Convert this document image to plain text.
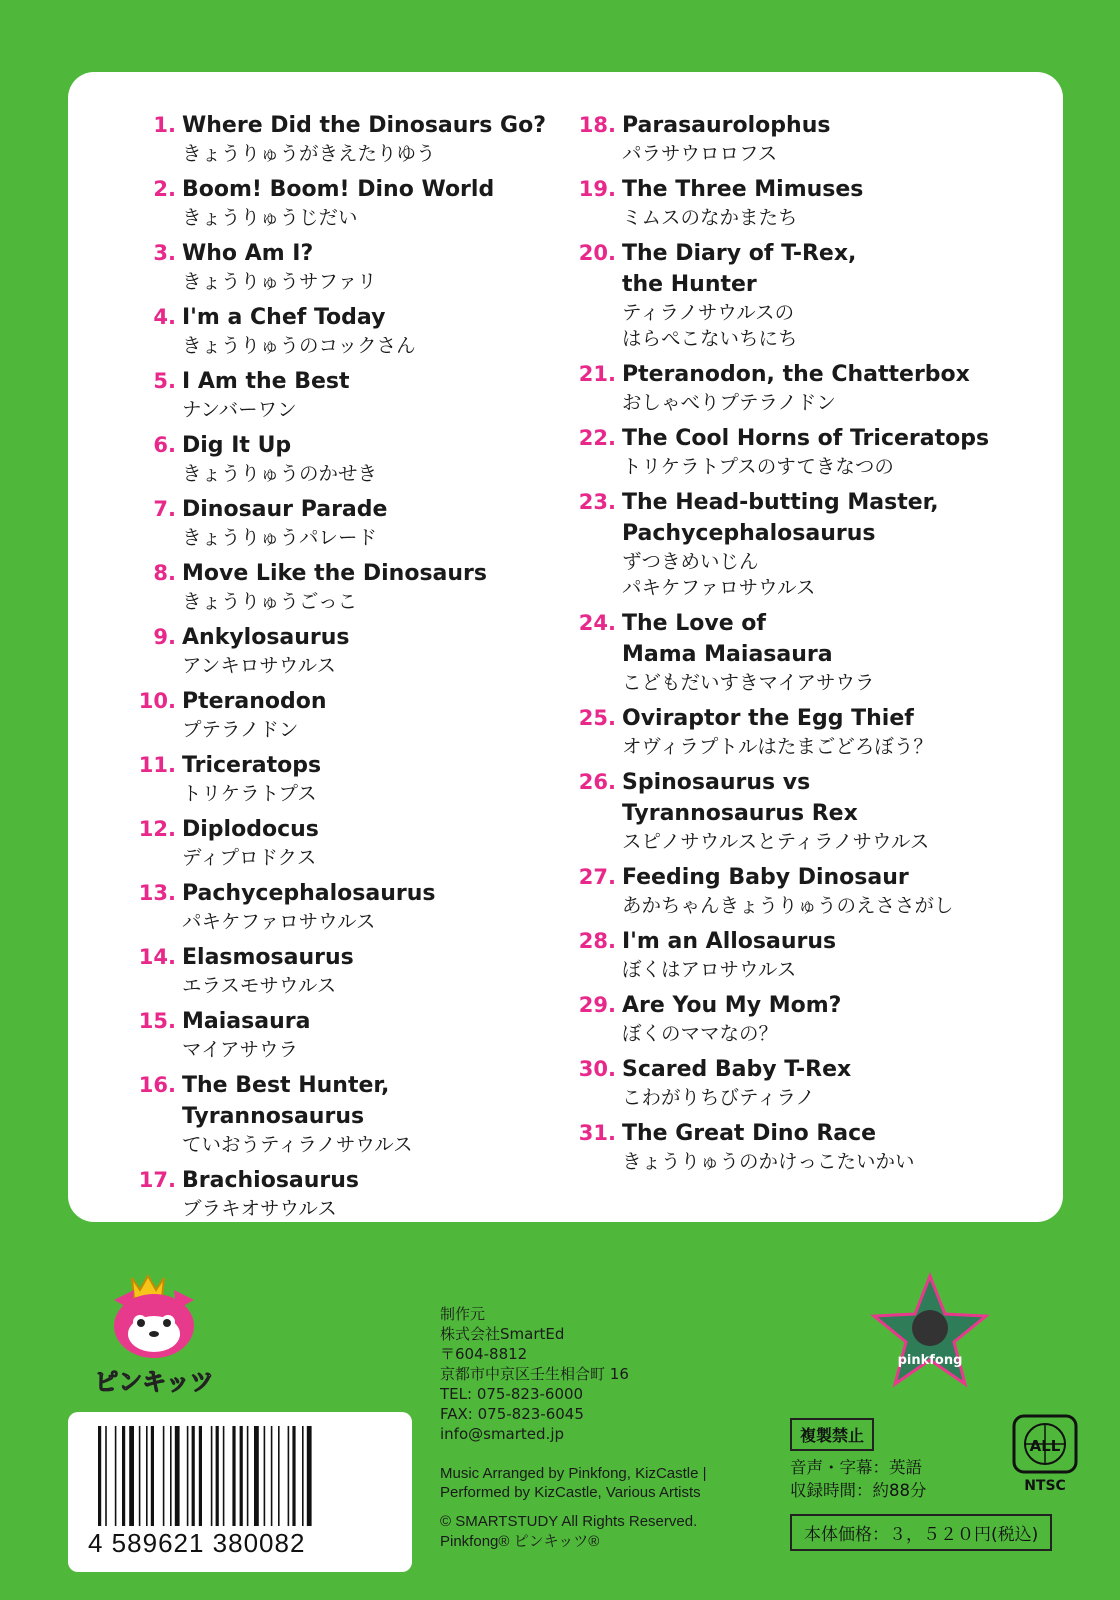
1. Where Did the Dinosaurs Go?
きょうりゅうがきえたりゆう
2. Boom! Boom! Dino World
きょうりゅうじだい
3. Who Am I?
きょうりゅうサファリ
4. I'm a Chef Today
きょうりゅうのコックさん
5. I Am the Best
ナンバーワン
6. Dig It Up
きょうりゅうのかせき
7. Dinosaur Parade
きょうりゅうパレード
8. Move Like the Dinosaurs
きょうりゅうごっこ
9. Ankylosaurus
アンキロサウルス
10. Pteranodon
プテラノドン
11. Triceratops
トリケラトプス
12. Diplodocus
ディプロドクス
13. Pachycephalosaurus
パキケファロサウルス
14. Elasmosaurus
エラスモサウルス
15. Maiasaura
マイアサウラ
16. The Best Hunter,
Tyrannosaurus
ていおうティラノサウルス
17. Brachiosaurus
ブラキオサウルス
18. Parasaurolophus
パラサウロロフス
19. The Three Mimuses
ミムスのなかまたち
20. The Diary of T-Rex,
the Hunter
ティラノサウルスの
はらぺこないちにち
21. Pteranodon, the Chatterbox
おしゃべりプテラノドン
22. The Cool Horns of Triceratops
トリケラトプスのすてきなつの
23. The Head-butting Master,
Pachycephalosaurus
ずつきめいじん
パキケファロサウルス
24. The Love of
Mama Maiasaura
こどもだいすきマイアサウラ
25. Oviraptor the Egg Thief
オヴィラプトルはたまごどろぼう？
26. Spinosaurus vs
Tyrannosaurus Rex
スピノサウルスとティラノサウルス
27. Feeding Baby Dinosaur
あかちゃんきょうりゅうのえささがし
28. I'm an Allosaurus
ぼくはアロサウルス
29. Are You My Mom?
ぼくのママなの？
30. Scared Baby T-Rex
こわがりちびティラノ
31. The Great Dino Race
きょうりゅうのかけっこたいかい
ピンキッツ
制作元
株式会社SmartEd
〒604-8812
京都市中京区壬生相合町 16
TEL: 075-823-6000
FAX: 075-823-6045
info@smarted.jp
Music Arranged by Pinkfong, KizCastle |
Performed by KizCastle, Various Artists
© SMARTSTUDY All Rights Reserved.
Pinkfong® ピンキッツ®
4 589621 380082
pinkfong
複製禁止
音声・字幕：英語
収録時間：約88分
本体価格：３，５２０円(税込)
ALL
NTSC
